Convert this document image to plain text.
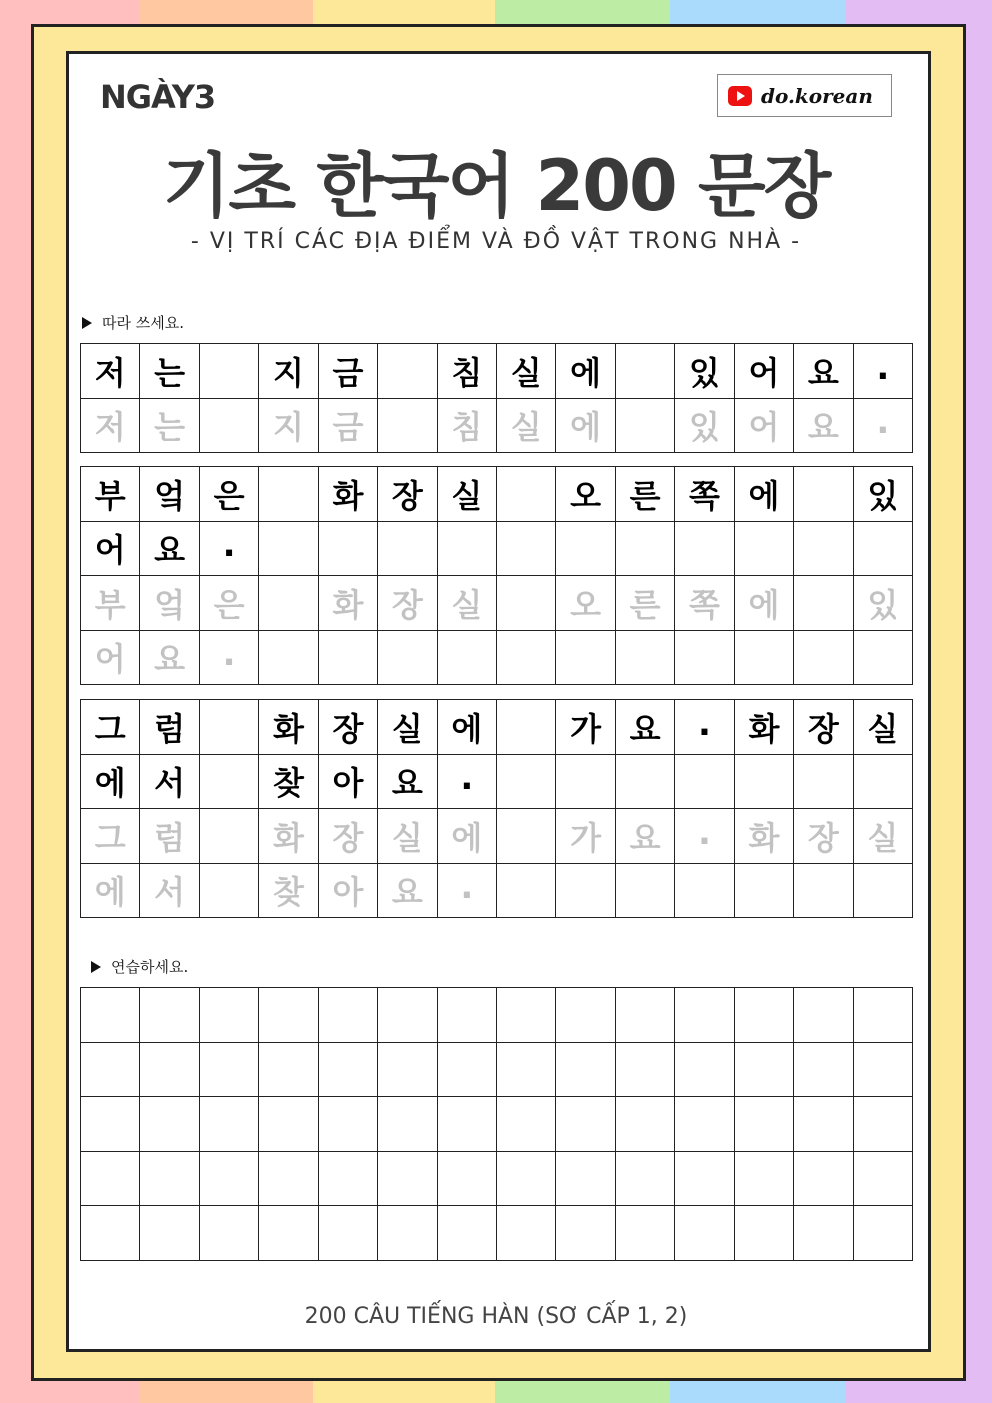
NGÀY3	do.korean
기초 한국어 200 문장
- VỊ TRÍ CÁC ĐỊA ĐIỂM VÀ ĐỒ VẬT TRONG NHÀ -
따라 쓰세요.
저 는	지 금	침 실 에	있 어 요	.
저 는	지 금	침 실 에	있 어 요	.
부 엌 은	화 장 실	오 른 쪽 에	있
어 요	.
부 엌 은	화 장 실	오 른 쪽 에	있
어 요	.
그 럼	화 장 실 에	가 요	.	화 장 실
에 서	찾 아 요	.
그 럼	화 장 실 에	가 요	.	화 장 실
에 서	찾 아 요	.
연습하세요.
200 CÂU TIẾNG HÀN (SƠ CẤP 1, 2)
